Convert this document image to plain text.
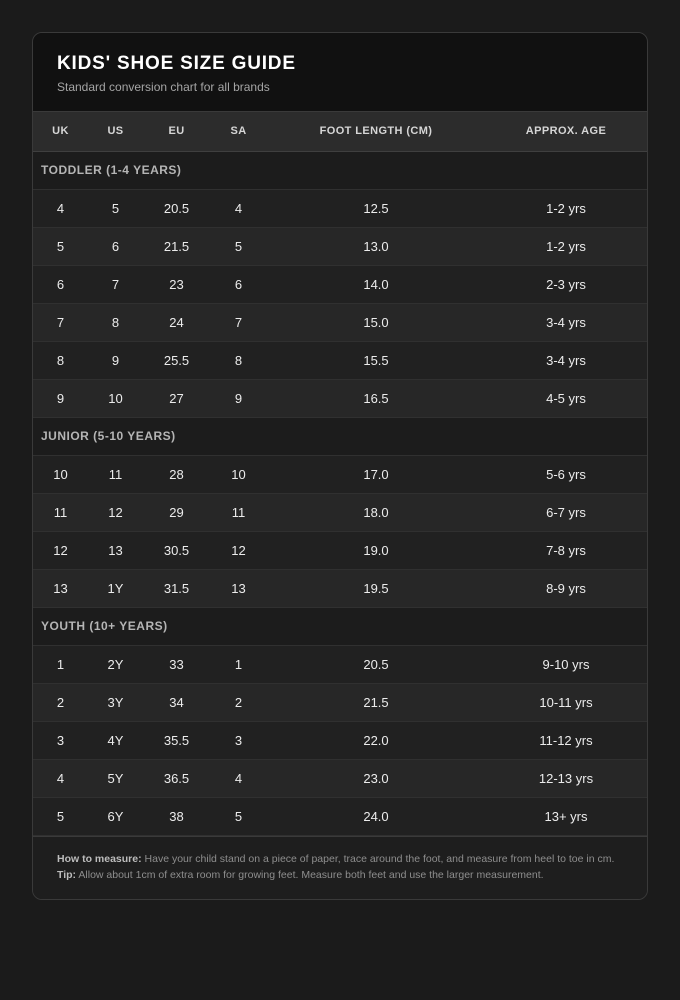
KIDS' SHOE SIZE GUIDE
Standard conversion chart for all brands
UK	US	EU	SA	FOOT LENGTH (CM)	APPROX. AGE
TODDLER (1-4 YEARS)					
4	5	20.5	4	12.5	1-2 yrs
5	6	21.5	5	13.0	1-2 yrs
6	7	23	6	14.0	2-3 yrs
7	8	24	7	15.0	3-4 yrs
8	9	25.5	8	15.5	3-4 yrs
9	10	27	9	16.5	4-5 yrs
JUNIOR (5-10 YEARS)					
10	11	28	10	17.0	5-6 yrs
11	12	29	11	18.0	6-7 yrs
12	13	30.5	12	19.0	7-8 yrs
13	1Y	31.5	13	19.5	8-9 yrs
YOUTH (10+ YEARS)					
1	2Y	33	1	20.5	9-10 yrs
2	3Y	34	2	21.5	10-11 yrs
3	4Y	35.5	3	22.0	11-12 yrs
4	5Y	36.5	4	23.0	12-13 yrs
5	6Y	38	5	24.0	13+ yrs
How to measure: Have your child stand on a piece of paper, trace around the foot, and measure from heel to toe in cm.
Tip: Allow about 1cm of extra room for growing feet. Measure both feet and use the larger measurement.
